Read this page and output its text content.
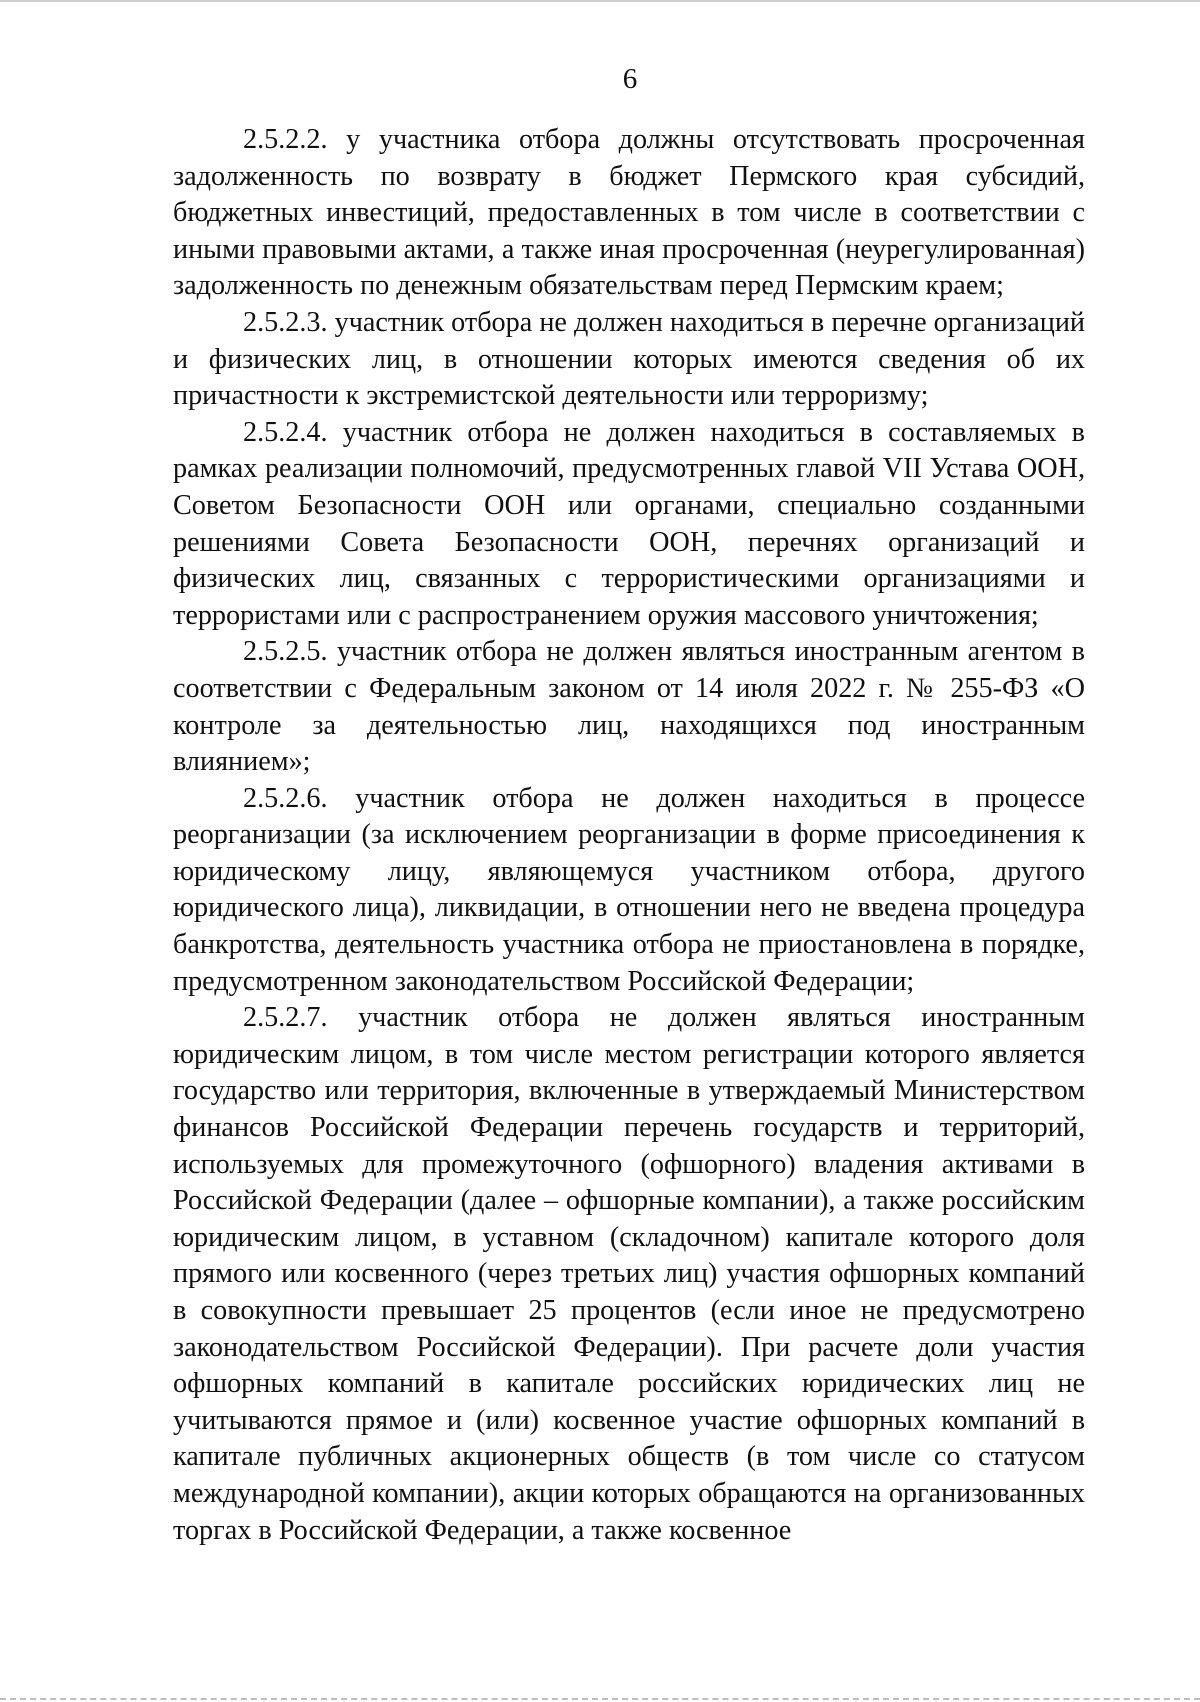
6

2.5.2.2. у участника отбора должны отсутствовать просроченная задолженность по возврату в бюджет Пермского края субсидий, бюджетных инвестиций, предоставленных в том числе в соответствии с иными правовыми актами, а также иная просроченная (неурегулированная) задолженность по денежным обязательствам перед Пермским краем;

2.5.2.3. участник отбора не должен находиться в перечне организаций и физических лиц, в отношении которых имеются сведения об их причастности к экстремистской деятельности или терроризму;

2.5.2.4. участник отбора не должен находиться в составляемых в рамках реализации полномочий, предусмотренных главой VII Устава ООН, Советом Безопасности ООН или органами, специально созданными решениями Совета Безопасности ООН, перечнях организаций и физических лиц, связанных с террористическими организациями и террористами или с распространением оружия массового уничтожения;

2.5.2.5. участник отбора не должен являться иностранным агентом в соответствии с Федеральным законом от 14 июля 2022 г. № 255-ФЗ «О контроле за деятельностью лиц, находящихся под иностранным влиянием»;

2.5.2.6. участник отбора не должен находиться в процессе реорганизации (за исключением реорганизации в форме присоединения к юридическому лицу, являющемуся участником отбора, другого юридического лица), ликвидации, в отношении него не введена процедура банкротства, деятельность участника отбора не приостановлена в порядке, предусмотренном законодательством Российской Федерации;

2.5.2.7. участник отбора не должен являться иностранным юридическим лицом, в том числе местом регистрации которого является государство или территория, включенные в утверждаемый Министерством финансов Российской Федерации перечень государств и территорий, используемых для промежуточного (офшорного) владения активами в Российской Федерации (далее – офшорные компании), а также российским юридическим лицом, в уставном (складочном) капитале которого доля прямого или косвенного (через третьих лиц) участия офшорных компаний в совокупности превышает 25 процентов (если иное не предусмотрено законодательством Российской Федерации). При расчете доли участия офшорных компаний в капитале российских юридических лиц не учитываются прямое и (или) косвенное участие офшорных компаний в капитале публичных акционерных обществ (в том числе со статусом международной компании), акции которых обращаются на организованных торгах в Российской Федерации, а также косвенное
